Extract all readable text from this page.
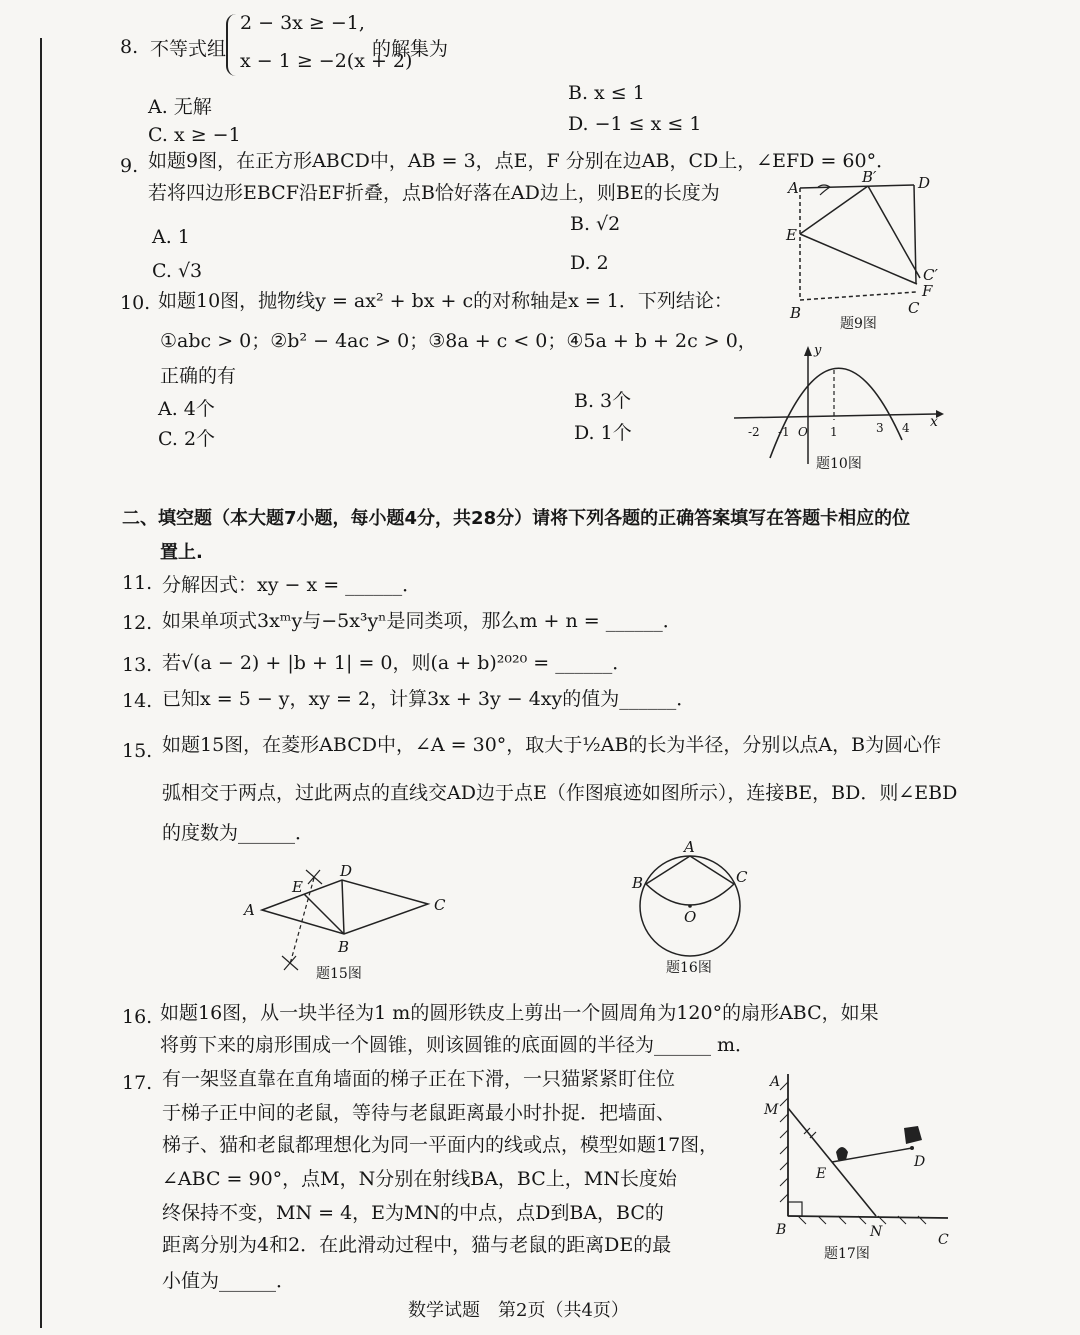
8. 不等式组
2 − 3x ≥ −1,
x − 1 ≥ −2(x + 2)
的解集为
A. 无解
B. x ≤ 1
C. x ≥ −1	D. −1 ≤ x ≤ 1
9. 如题9图，在正方形ABCD中，AB = 3，点E，F 分别在边AB，CD上，∠EFD = 60°．
若将四边形EBCF沿EF折叠，点B恰好落在AD边上，则BE的长度为
A. 1
B. √2
C. √3	D. 2
A
B′	D
E
C′
F
B	C
题9图
10. 如题10图，抛物线y = ax² + bx + c的对称轴是x = 1．下列结论：
①abc > 0；②b² − 4ac > 0；③8a + c < 0；④5a + b + 2c > 0，
正确的有
A. 4个	B. 3个
C. 2个	D. 1个
y
x
-2 -1 O 1	3 4
题10图
二、填空题（本大题7小题，每小题4分，共28分）请将下列各题的正确答案填写在答题卡相应的位
置上.
11. 分解因式：xy − x = ______．
12. 如果单项式3xᵐy与−5x³yⁿ是同类项，那么m + n = ______．
13. 若√(a − 2) + |b + 1| = 0，则(a + b)²⁰²⁰ = ______．
14. 已知x = 5 − y，xy = 2，计算3x + 3y − 4xy的值为______．
15. 如题15图，在菱形ABCD中，∠A = 30°，取大于½AB的长为半径，分别以点A，B为圆心作
弧相交于两点，过此两点的直线交AD边于点E（作图痕迹如图所示），连接BE，BD．则∠EBD
的度数为______．
A
E
D
B
C
题15图
A
B	C
O
题16图
16. 如题16图，从一块半径为1 m的圆形铁皮上剪出一个圆周角为120°的扇形ABC，如果
将剪下来的扇形围成一个圆锥，则该圆锥的底面圆的半径为______ m．
17. 有一架竖直靠在直角墙面的梯子正在下滑，一只猫紧紧盯住位
于梯子正中间的老鼠，等待与老鼠距离最小时扑捉．把墙面、
梯子、猫和老鼠都理想化为同一平面内的线或点，模型如题17图，
∠ABC = 90°，点M，N分别在射线BA，BC上，MN长度始
终保持不变，MN = 4，E为MN的中点，点D到BA，BC的
距离分别为4和2．在此滑动过程中，猫与老鼠的距离DE的最
小值为______．
A
M
E
D
B	N	C
题17图
数学试题　第2页（共4页）
